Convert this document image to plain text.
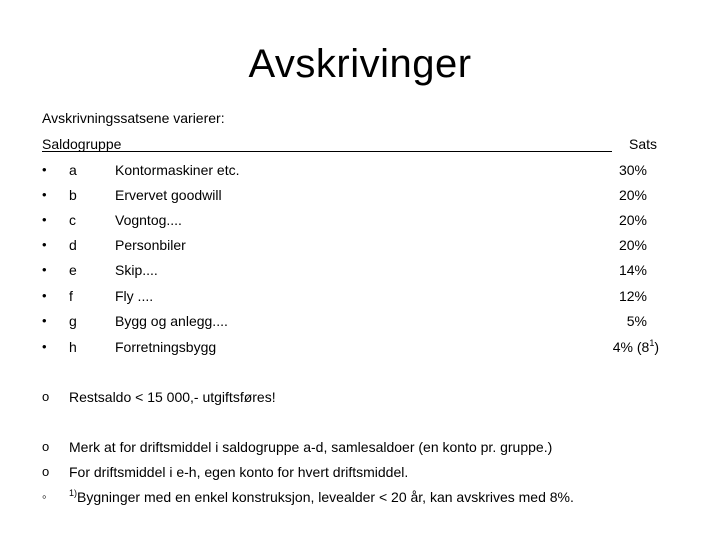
Avskrivinger
Avskrivningssatsene varierer:
Saldogruppe	Sats
• a	Kontormaskiner etc.	30%
• b	Ervervet goodwill	20%
• c	Vogntog....	20%
• d	Personbiler	20%
• e	Skip....	14%
• f	Fly ....	12%
• g	Bygg og anlegg....	5%
• h	Forretningsbygg	4% $(8^1)$
o Restsaldo < 15 000,- utgiftsføres!
o Merk at for driftsmiddel i saldogruppe a-d, samlesaldoer (en konto pr. gruppe.)
o For driftsmiddel i e-h, egen konto for hvert driftsmiddel.
◦ $^{1)}$Bygninger med en enkel konstruksjon, levealder < 20 år, kan avskrives med 8%.
